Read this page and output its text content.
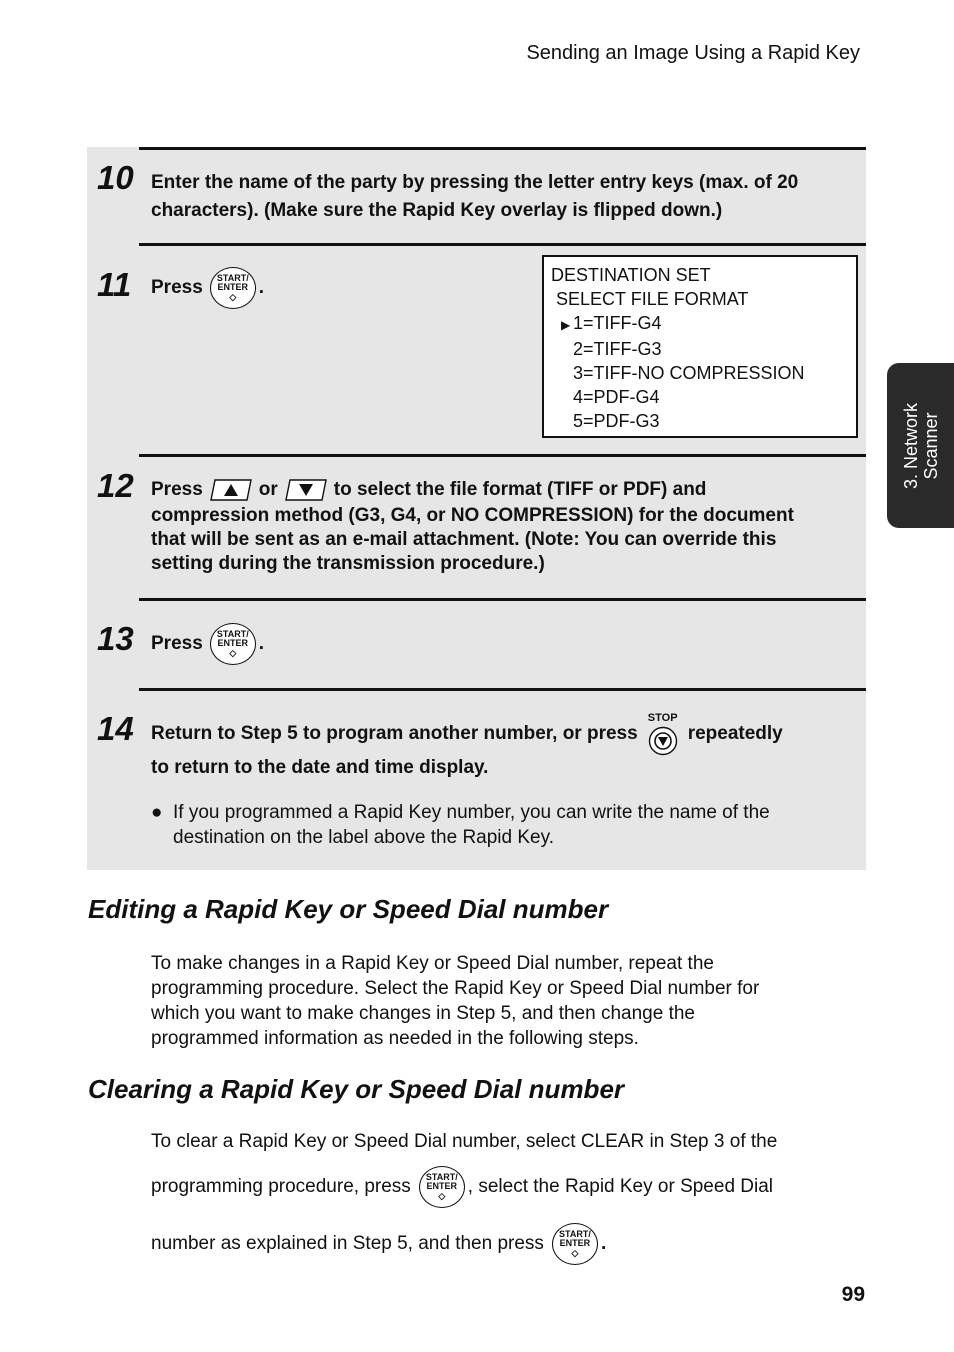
Sending an Image Using a Rapid Key
10 Enter the name of the party by pressing the letter entry keys (max. of 20
characters). (Make sure the Rapid Key overlay is flipped down.)
11 Press START/
ENTER
◇ .
DESTINATION SET
SELECT FILE FORMAT
▶ 1=TIFF-G4
2=TIFF-G3
3=TIFF-NO COMPRESSION
4=PDF-G4
5=PDF-G3
12 Press	or	to select the file format (TIFF or PDF) and
compression method (G3, G4, or NO COMPRESSION) for the document
that will be sent as an e-mail attachment. (Note: You can override this
setting during the transmission procedure.)
13 Press START/
ENTER
◇ .
14 Return to Step 5 to program another number, or press
STOP
repeatedly
to return to the date and time display.
● If you programmed a Rapid Key number, you can write the name of the
destination on the label above the Rapid Key.
3. Network Scanner
Editing a Rapid Key or Speed Dial number
To make changes in a Rapid Key or Speed Dial number, repeat the
programming procedure. Select the Rapid Key or Speed Dial number for
which you want to make changes in Step 5, and then change the
programmed information as needed in the following steps.
Clearing a Rapid Key or Speed Dial number
To clear a Rapid Key or Speed Dial number, select CLEAR in Step 3 of the
programming procedure, press START/
ENTER
◇ , select the Rapid Key or Speed Dial
number as explained in Step 5, and then press START/
ENTER
◇ .
99
